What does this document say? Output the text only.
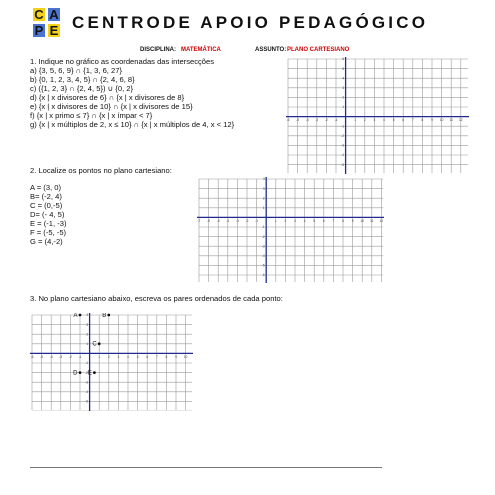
C A
P E CENTRODE APOIO PEDAGÓGICO
DISCIPLINA: MATEMÁTICA	ASSUNTO: PLANO CARTESIANO
1. Indique no gráfico as coordenadas das intersecções
a) {3, 5, 6, 9} ∩ {1, 3, 6, 27}
b) {0, 1, 2, 3, 4, 5} ∩ {2, 4, 6, 8}
c) ({1, 2, 3} ∩ {2, 4, 5}) ∪ {0, 2}
d) {x | x divisores de 6} ∩ {x | x divisores de 8}
e) {x | x divisores de 10} ∩ {x | x divisores de 15}
f) {x | x primo ≤ 7} ∩ {x | x ímpar < 7}
g) {x | x múltiplos de 2, x ≤ 10} ∩ {x | x múltiplos de 4, x < 12}	-6 -5 -4 -3 -2 -1	1 2 3 4 5 6 7 8 9 10 11 12
6
5
4
3
2
1
-1
-2
-3
-4
-5
2. Localize os pontos no plano cartesiano:
A = (3, 0)
B= (-2, 4)
C = (0,-5)
D= (- 4, 5)
E = (-1, -3)
F = (-5, -5)
G = (4,-2)
-7 -6 -5 -4 -3 -2 -1	1 2 3 4 5 6 7 8 9 10 11 12
4
3
2
1
-1
-2
-3
-4
-5
-6
3. No plano cartesiano abaixo, escreva os pares ordenados de cada ponto:
-6 -5 -4 -3 -2 -1	1 2 3 4 5 6 7 8 9 10
4
3
2
1
-1
-2
-3
-4
-5
A	B
C
D E
